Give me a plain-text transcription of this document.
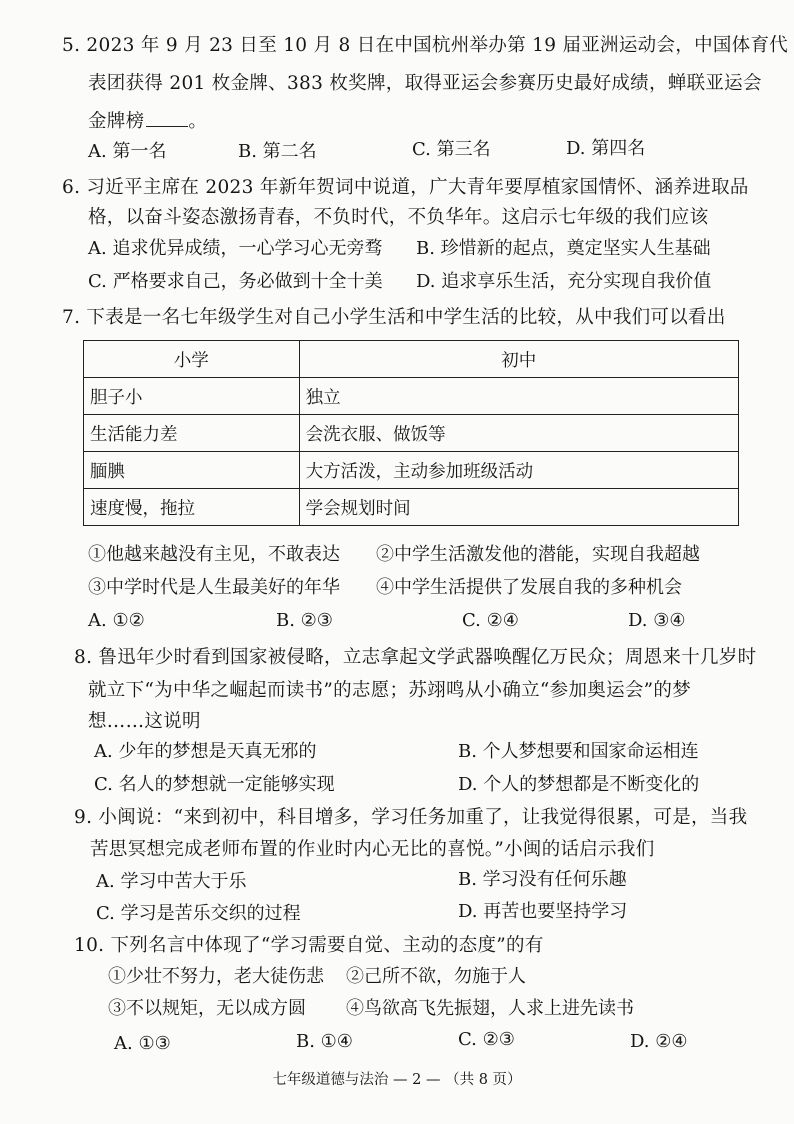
5. 2023 年 9 月 23 日至 10 月 8 日在中国杭州举办第 19 届亚洲运动会，中国体育代
表团获得 201 枚金牌、383 枚奖牌，取得亚运会参赛历史最好成绩，蝉联亚运会
金牌榜 。
A. 第一名	B. 第二名	C. 第三名	D. 第四名
6. 习近平主席在 2023 年新年贺词中说道，广大青年要厚植家国情怀、涵养进取品
格，以奋斗姿态激扬青春，不负时代，不负华年。这启示七年级的我们应该
A. 追求优异成绩，一心学习心无旁骛 B. 珍惜新的起点，奠定坚实人生基础
C. 严格要求自己，务必做到十全十美 D. 追求享乐生活，充分实现自我价值
7. 下表是一名七年级学生对自己小学生活和中学生活的比较，从中我们可以看出
小学	初中
胆子小	独立
生活能力差	会洗衣服、做饭等
腼腆	大方活泼，主动参加班级活动
速度慢，拖拉	学会规划时间
①他越来越没有主见，不敢表达 ②中学生活激发他的潜能，实现自我超越
③中学时代是人生最美好的年华 ④中学生活提供了发展自我的多种机会
A. ①②	B. ②③	C. ②④	D. ③④
8. 鲁迅年少时看到国家被侵略，立志拿起文学武器唤醒亿万民众；周恩来十几岁时
就立下“为中华之崛起而读书”的志愿；苏翊鸣从小确立“参加奥运会”的梦
想……这说明
A. 少年的梦想是天真无邪的	B. 个人梦想要和国家命运相连
C. 名人的梦想就一定能够实现	D. 个人的梦想都是不断变化的
9. 小闽说：“来到初中，科目增多，学习任务加重了，让我觉得很累，可是，当我
苦思冥想完成老师布置的作业时内心无比的喜悦。”小闽的话启示我们
A. 学习中苦大于乐	B. 学习没有任何乐趣
C. 学习是苦乐交织的过程	D. 再苦也要坚持学习
10. 下列名言中体现了“学习需要自觉、主动的态度”的有
①少壮不努力，老大徒伤悲 ②己所不欲，勿施于人
③不以规矩，无以成方圆 ④鸟欲高飞先振翅，人求上进先读书
A. ①③	B. ①④	C. ②③	D. ②④
七年级道德与法治 — 2 — （共 8 页）
